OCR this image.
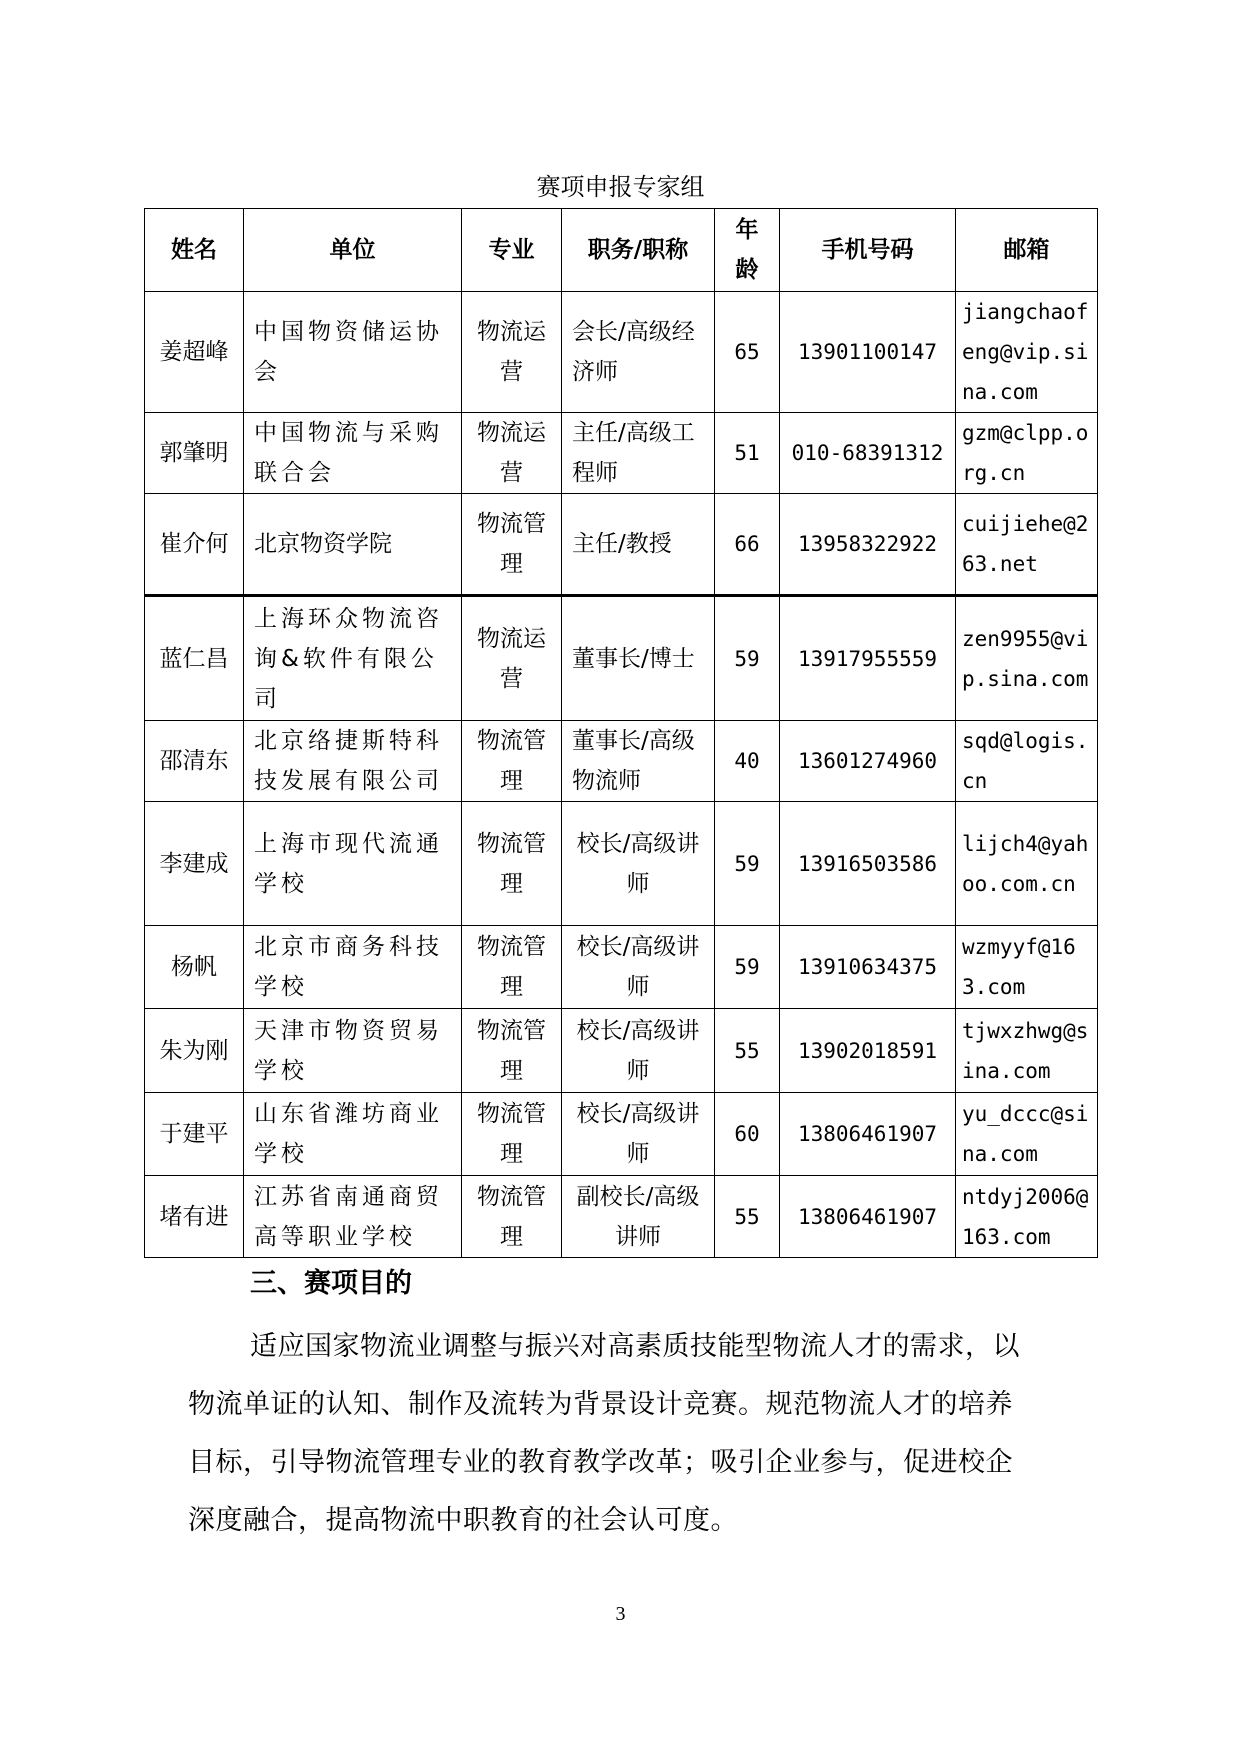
赛项申报专家组
姓名	单位	专业	职务/职称	年龄	手机号码	邮箱
姜超峰	中国物资储运协会	物流运营	会长/高级经济师	65	13901100147	jiangchaofeng@vip.sina.com
郭肇明	中国物流与采购联合会	物流运营	主任/高级工程师	51	010-68391312	gzm@clpp.org.cn
崔介何	北京物资学院	物流管理	主任/教授	66	13958322922	cuijiehe@263.net
蓝仁昌	上海环众物流咨询&软件有限公司	物流运营	董事长/博士	59	13917955559	zen9955@vip.sina.com
邵清东	北京络捷斯特科技发展有限公司	物流管理	董事长/高级物流师	40	13601274960	sqd@logis.cn
李建成	上海市现代流通学校	物流管理	校长/高级讲师	59	13916503586	lijch4@yahoo.com.cn
杨帆	北京市商务科技学校	物流管理	校长/高级讲师	59	13910634375	wzmyyf@163.com
朱为刚	天津市物资贸易学校	物流管理	校长/高级讲师	55	13902018591	tjwxzhwg@sina.com
于建平	山东省潍坊商业学校	物流管理	校长/高级讲师	60	13806461907	yu_dccc@sina.com
堵有进	江苏省南通商贸高等职业学校	物流管理	副校长/高级讲师	55	13806461907	ntdyj2006@163.com
三、赛项目的
适应国家物流业调整与振兴对高素质技能型物流人才的需求，以物流单证的认知、制作及流转为背景设计竞赛。规范物流人才的培养目标，引导物流管理专业的教育教学改革；吸引企业参与，促进校企深度融合，提高物流中职教育的社会认可度。
3
